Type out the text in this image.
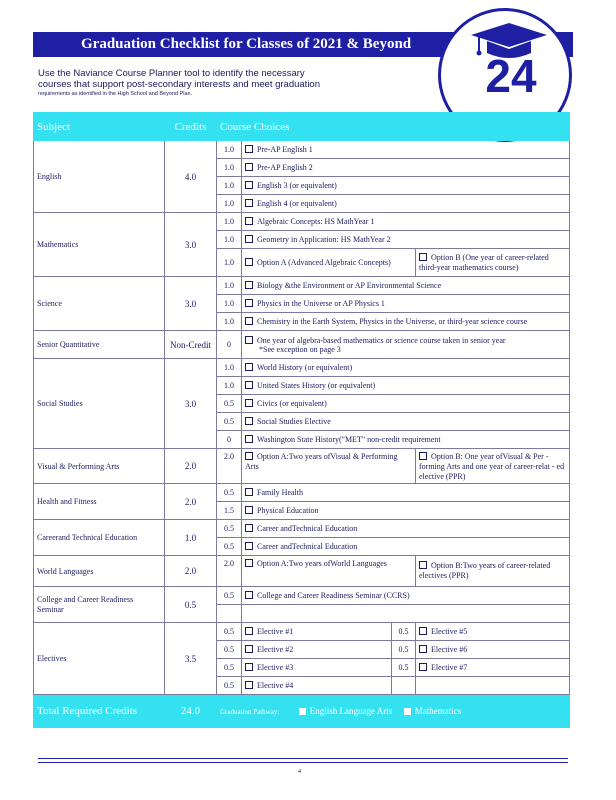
Graduation Checklist for Classes of 2021 & Beyond
24
Use the Naviance Course Planner tool to identify the necessary
courses that support post-secondary interests and meet graduation
requirements as identified in the High School and Beyond Plan.
Subject	Credits	Course Choices			
English	4.0	1.0	Pre-AP English 1		
		1.0	Pre-AP English 2		
		1.0	English 3 (or equivalent)		
		1.0	English 4 (or equivalent)		
Mathematics	3.0	1.0	Algebraic Concepts: HS MathYear 1		
		1.0	Geometry in Application: HS MathYear 2		
		1.0	Option A (Advanced Algebraic Concepts)		Option B (One year of career-related third-year mathematics course)
Science	3.0	1.0	Biology &the Environment or AP Environmental Science		
		1.0	Physics in the Universe or AP Physics 1		
		1.0	Chemistry in the Earth System, Physics in the Universe, or third-year science course		
Senior Quantitative	Non-Credit	0	One year of algebra-based mathematics or science course taken in senior year
*See exception on page 3		

Social Studies	3.0	1.0	World History (or equivalent)		
		1.0	United States History (or equivalent)		
		0.5	Civics (or equivalent)		
		0.5	Social Studies Elective		
		0	Washington State History("MET" non-credit requirement		
Visual & Performing Arts	2.0	2.0	Option A:Two years ofVisual & Performing Arts		Option B: One year ofVisual & Per - forming Arts and one year of career-relat - ed elective (PPR)

Health and Fitness	2.0	0.5	Family Health		
		1.5	Physical Education		
Careerand Technical Education	1.0	0.5	Career andTechnical Education		
		0.5	Career andTechnical Education		
World Languages	2.0	2.0	Option A:Two years ofWorld Languages		Option B:Two years of career-related electives (PPR)
College and Career Readiness Seminar	0.5	0.5	College and Career Readiness Seminar (CCRS)		

Electives	3.5	0.5	Elective #1	0.5	Elective #5
		0.5	Elective #2	0.5	Elective #6
		0.5	Elective #3	0.5	Elective #7
		0.5	Elective #4		
Total Required Credits	24.0	Graduation Pathway: English Language Arts Mathematics			
4
